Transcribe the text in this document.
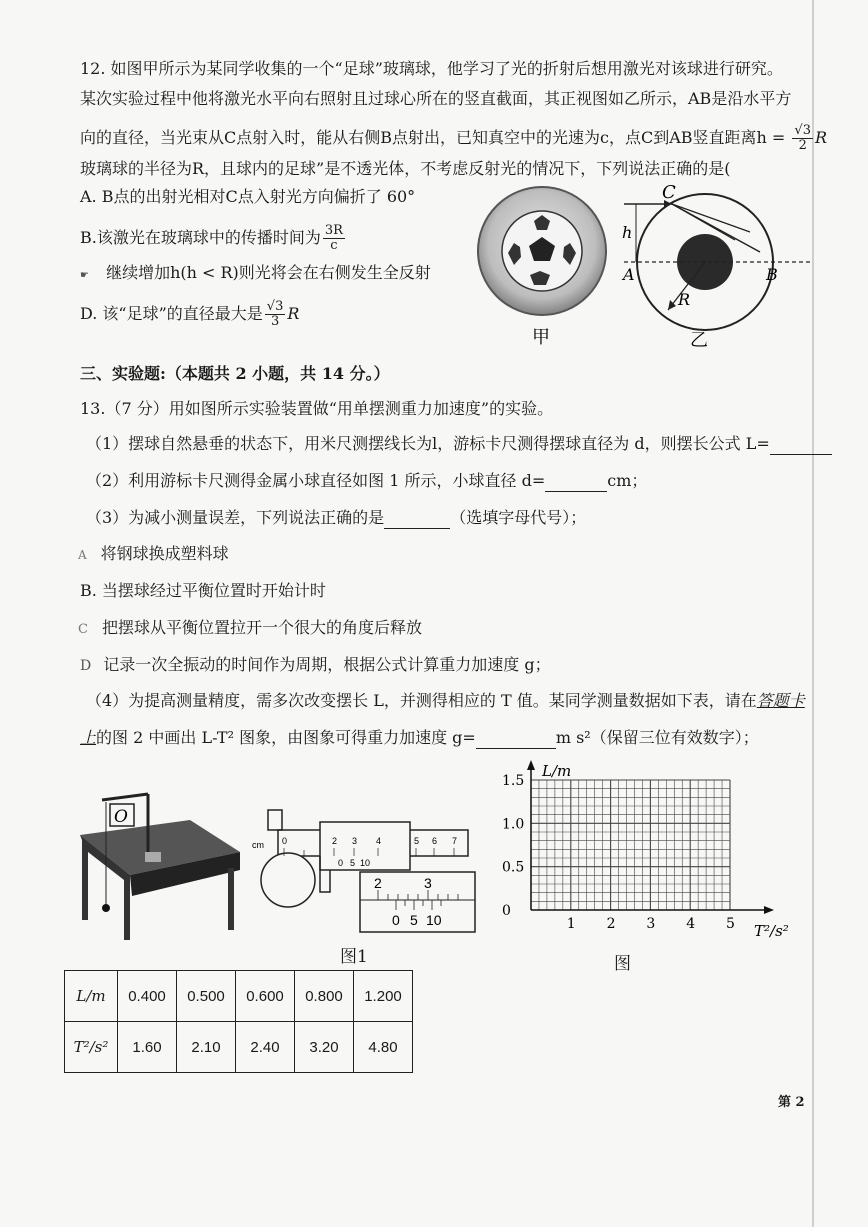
12. 如图甲所示为某同学收集的一个“足球”玻璃球，他学习了光的折射后想用激光对该球进行研究。
某次实验过程中他将激光水平向右照射且过球心所在的竖直截面，其正视图如乙所示，AB是沿水平方
向的直径，当光束从C点射入时，能从右侧B点射出，已知真空中的光速为c，点C到AB竖直距离$h = \frac{√3}{2}$ R
玻璃球的半径为R，且球内的足球”是不透光体，不考虑反射光的情况下，下列说法正确的是(
A. B点的出射光相对C点入射光方向偏折了 60°
B.该激光在玻璃球中的传播时间为 $\frac{3R}{c}$
☛ 继续增加h(h < R)则光将会在右侧发生全反射
D. 该“足球”的直径最大是 $\frac{√3}{3}$ R
甲
C
h
A	B
R
乙
三、实验题:（本题共 2 小题，共 14 分。）
13.（7 分）用如图所示实验装置做“用单摆测重力加速度”的实验。
（1）摆球自然悬垂的状态下，用米尺测摆线长为l，游标卡尺测得摆球直径为 d，则摆长公式 L=
（2）利用游标卡尺测得金属小球直径如图 1 所示，小球直径 d=	cm；
（3）为减小测量误差，下列说法正确的是	（选填字母代号）；
A 将钢球换成塑料球
B. 当摆球经过平衡位置时开始计时
C 把摆球从平衡位置拉开一个很大的角度后释放
D 记录一次全振动的时间作为周期，根据公式计算重力加速度 g；
（4）为提高测量精度，需多次改变摆长 L，并测得相应的 T 值。某同学测量数据如下表，请在答题卡
上的图 2 中画出 L-T² 图象，由图象可得重力加速度 g=	m s²（保留三位有效数字）；
O
cm 0	2 3 4	5 6 7
0 5 10
2	3
0 5 10
图1
L/m
T²/s²
1 2 3 4 5
0
0.5
1.0
1.5
图
L/m	0.400	0.500	0.600	0.800	1.200
T²/s²	1.60	2.10	2.40	3.20	4.80
第 2
